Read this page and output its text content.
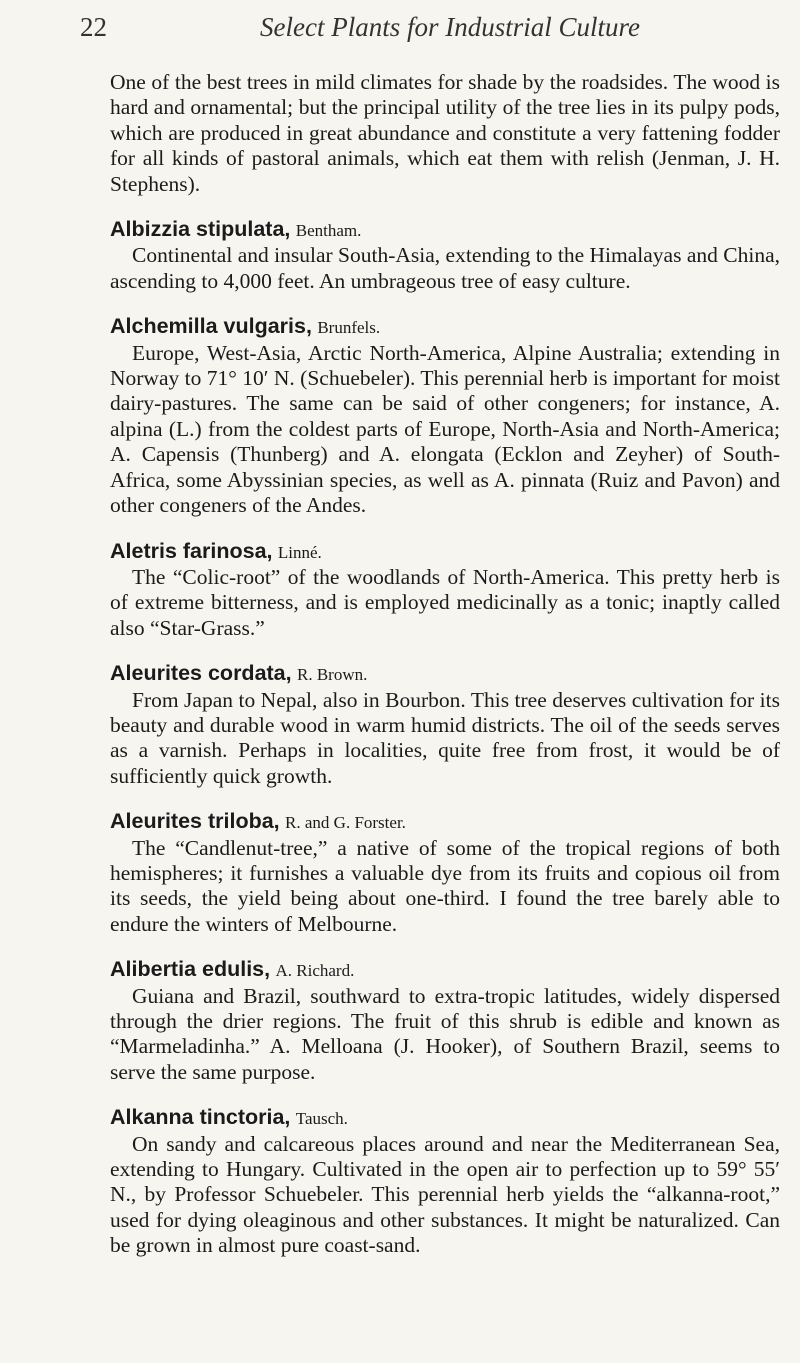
22	Select Plants for Industrial Culture

One of the best trees in mild climates for shade by the roadsides. The wood is hard and ornamental; but the principal utility of the tree lies in its pulpy pods, which are produced in great abundance and constitute a very fattening fodder for all kinds of pastoral animals, which eat them with relish (Jenman, J. H. Stephens).

Albizzia stipulata, Bentham.

Continental and insular South-Asia, extending to the Himalayas and China, ascending to 4,000 feet. An umbrageous tree of easy culture.

Alchemilla vulgaris, Brunfels.

Europe, West-Asia, Arctic North-America, Alpine Australia; extending in Norway to 71° 10′ N. (Schuebeler). This perennial herb is important for moist dairy-pastures. The same can be said of other congeners; for instance, A. alpina (L.) from the coldest parts of Europe, North-Asia and North-America; A. Capensis (Thunberg) and A. elongata (Ecklon and Zeyher) of South-Africa, some Abyssinian species, as well as A. pinnata (Ruiz and Pavon) and other congeners of the Andes.

Aletris farinosa, Linné.

The “Colic-root” of the woodlands of North-America. This pretty herb is of extreme bitterness, and is employed medicinally as a tonic; inaptly called also “Star-Grass.”

Aleurites cordata, R. Brown.

From Japan to Nepal, also in Bourbon. This tree deserves cultivation for its beauty and durable wood in warm humid districts. The oil of the seeds serves as a varnish. Perhaps in localities, quite free from frost, it would be of sufficiently quick growth.

Aleurites triloba, R. and G. Forster.

The “Candlenut-tree,” a native of some of the tropical regions of both hemispheres; it furnishes a valuable dye from its fruits and copious oil from its seeds, the yield being about one-third. I found the tree barely able to endure the winters of Melbourne.

Alibertia edulis, A. Richard.

Guiana and Brazil, southward to extra-tropic latitudes, widely dispersed through the drier regions. The fruit of this shrub is edible and known as “Marmeladinha.” A. Melloana (J. Hooker), of Southern Brazil, seems to serve the same purpose.

Alkanna tinctoria, Tausch.

On sandy and calcareous places around and near the Mediterranean Sea, extending to Hungary. Cultivated in the open air to perfection up to 59° 55′ N., by Professor Schuebeler. This perennial herb yields the “alkanna-root,” used for dying oleaginous and other substances. It might be naturalized. Can be grown in almost pure coast-sand.
